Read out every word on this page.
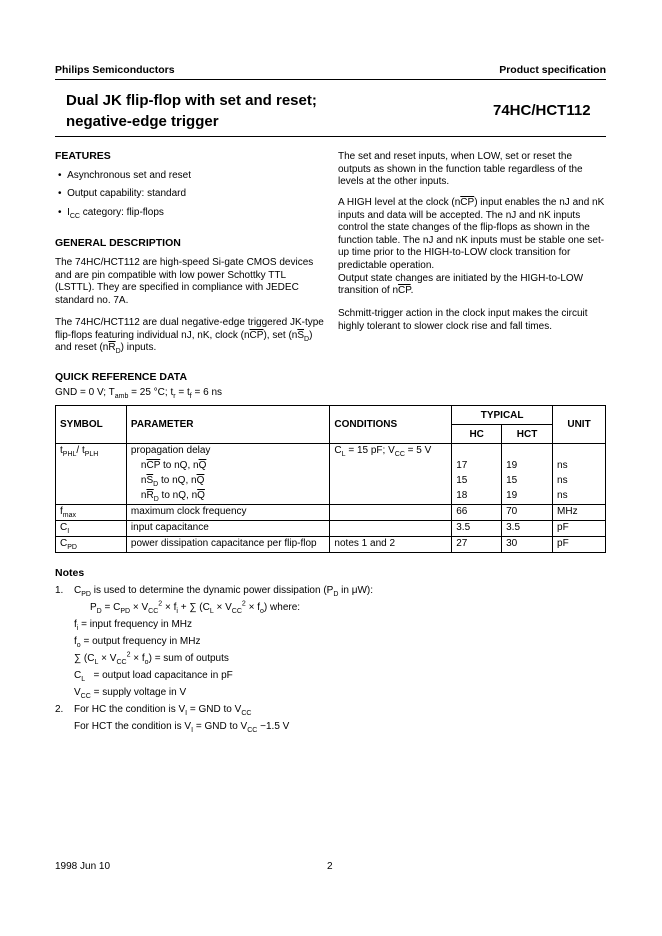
Philips Semiconductors	Product specification
Dual JK flip-flop with set and reset;
negative-edge trigger
74HC/HCT112
FEATURES
•  Asynchronous set and reset
•  Output capability: standard
•  $I_{CC}$ category: flip-flops
GENERAL DESCRIPTION
The 74HC/HCT112 are high-speed Si-gate CMOS devices and are pin compatible with low power Schottky TTL (LSTTL). They are specified in compliance with JEDEC standard no. 7A.
The 74HC/HCT112 are dual negative-edge triggered JK-type flip-flops featuring individual nJ, nK, clock $(n\overline{CP})$, set $(n\overline{S}_D)$ and reset $(n\overline{R}_D)$ inputs.
The set and reset inputs, when LOW, set or reset the outputs as shown in the function table regardless of the levels at the other inputs.
A HIGH level at the clock $(n\overline{CP})$ input enables the nJ and nK inputs and data will be accepted. The nJ and nK inputs control the state changes of the flip-flops as shown in the function table. The nJ and nK inputs must be stable one set-up time prior to the HIGH-to-LOW clock transition for predictable operation.
Output state changes are initiated by the HIGH-to-LOW transition of $n\overline{CP}$.
Schmitt-trigger action in the clock input makes the circuit highly tolerant to slower clock rise and fall times.
QUICK REFERENCE DATA
GND = 0 V; $T_{amb} = 25$ °C; $t_r = t_f = 6$ ns
SYMBOL	PARAMETER	CONDITIONS	TYPICAL		UNIT
			HC	HCT	
$t_{PHL}/$ $t_{PLH}$	propagation delay	$C_L = 15$ pF; $V_{CC} = 5$ V			
	$n\overline{CP}$ to nQ, $n\overline{Q}$		17	19	ns
	$n\overline{S}_D$ to nQ, $n\overline{Q}$		15	15	ns
	$n\overline{R}_D$ to nQ, $n\overline{Q}$		18	19	ns
$f_{max}$	maximum clock frequency		66	70	MHz
$C_I$	input capacitance		3.5	3.5	pF
$C_{PD}$	power dissipation capacitance per flip-flop	notes 1 and 2	27	30	pF
Notes
1. $C_{PD}$ is used to determine the dynamic power dissipation ($P_D$ in μW):
$P_D = C_{PD} \times V_{CC}^2 \times f_i$ + ∑ $(C_L \times V_{CC}^2 \times f_o)$ where:
$f_i$ = input frequency in MHz
$f_o$ = output frequency in MHz
∑ $(C_L \times V_{CC}^2 \times f_o)$ = sum of outputs
$C_L$ = output load capacitance in pF
$V_{CC}$ = supply voltage in V
2. For HC the condition is $V_I$ = GND to $V_{CC}$
For HCT the condition is $V_I$ = GND to $V_{CC} -1.5$ V
1998 Jun 10	2
